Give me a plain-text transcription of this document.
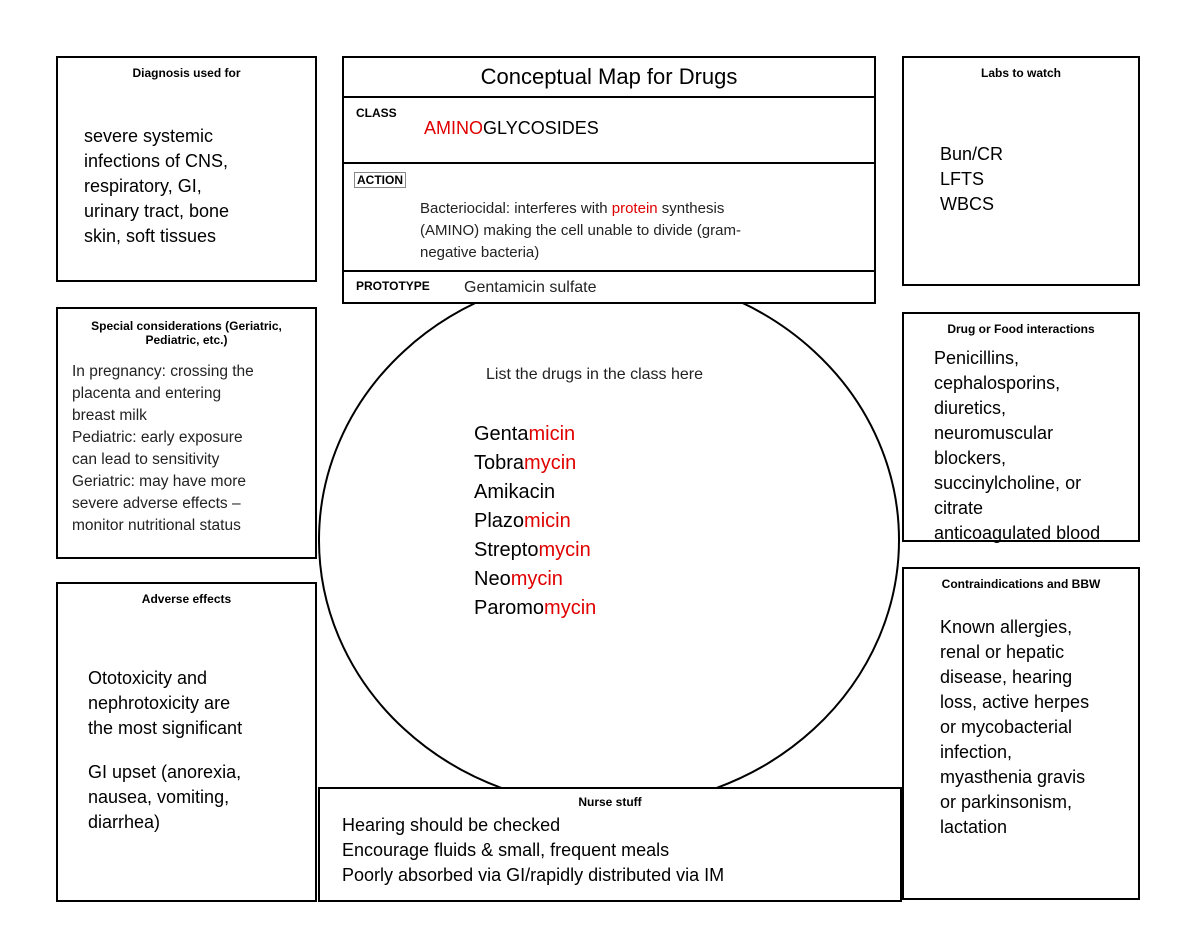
Conceptual Map for Drugs
CLASS
AMINOGLYCOSIDES
ACTION
Bacteriocidal: interferes with protein synthesis
(AMINO) making the cell unable to divide (gram-
negative bacteria)
PROTOTYPE Gentamicin sulfate
Diagnosis used for
severe systemic
infections of CNS,
respiratory, GI,
urinary tract, bone
skin, soft tissues
Labs to watch
Bun/CR
LFTS
WBCS
Special considerations (Geriatric,
Pediatric, etc.)
In pregnancy: crossing the
placenta and entering
breast milk
Pediatric: early exposure
can lead to sensitivity
Geriatric: may have more
severe adverse effects –
monitor nutritional status
Drug or Food interactions
Penicillins,
cephalosporins,
diuretics,
neuromuscular
blockers,
succinylcholine, or
citrate
anticoagulated blood
List the drugs in the class here
Gentamicin
Tobramycin
Amikacin
Plazomicin
Streptomycin
Neomycin
Paromomycin
Adverse effects
Ototoxicity and
nephrotoxicity are
the most significant
GI upset (anorexia,
nausea, vomiting,
diarrhea)
Contraindications and BBW
Known allergies,
renal or hepatic
disease, hearing
loss, active herpes
or mycobacterial
infection,
myasthenia gravis
or parkinsonism,
lactation
Nurse stuff
Hearing should be checked
Encourage fluids & small, frequent meals
Poorly absorbed via GI/rapidly distributed via IM
